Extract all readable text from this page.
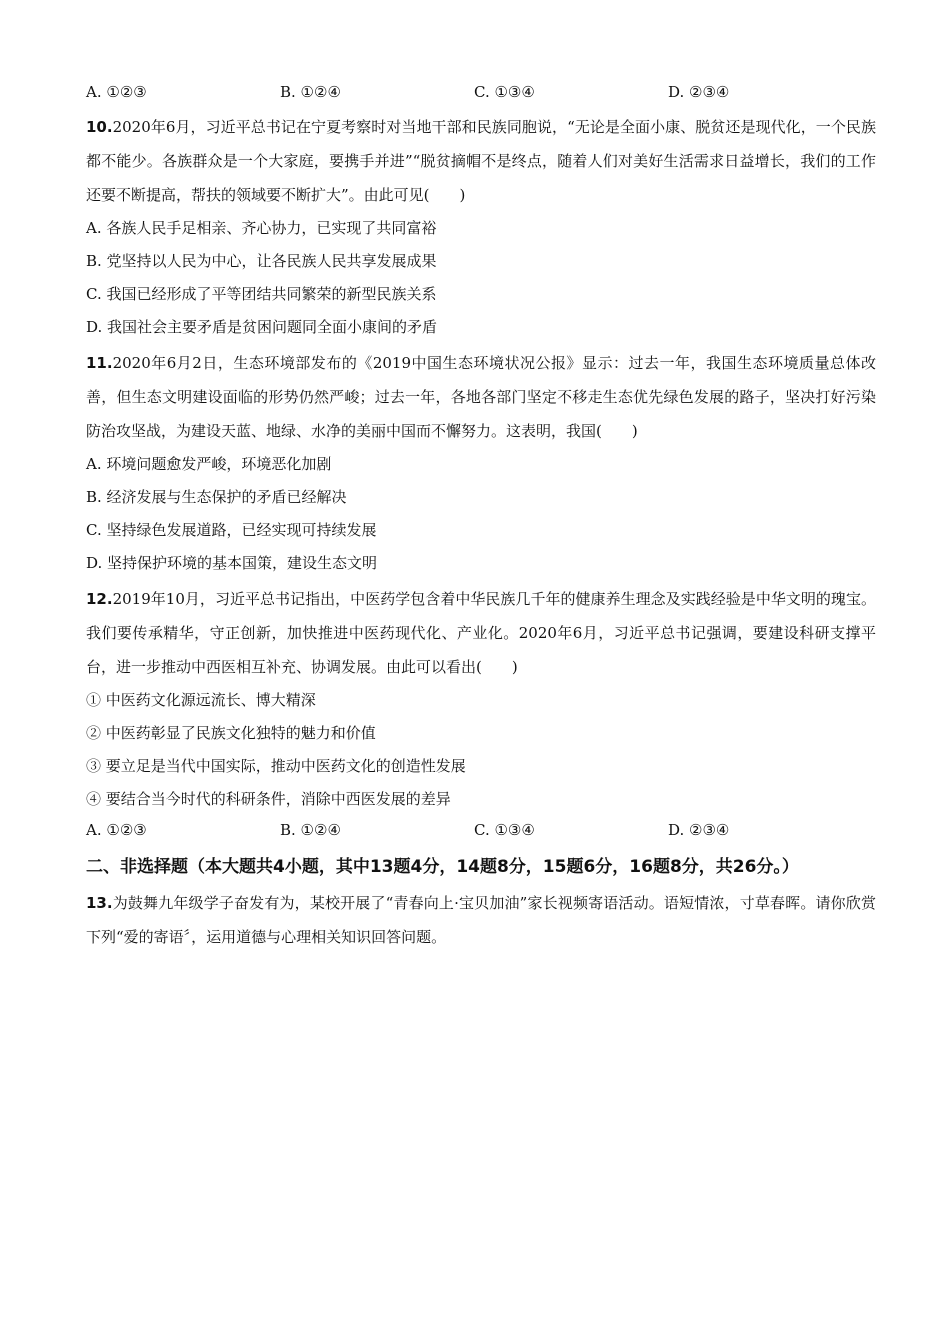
A. ①②③	B. ①②④	C. ①③④	D. ②③④
10.2020年6月，习近平总书记在宁夏考察时对当地干部和民族同胞说，“无论是全面小康、脱贫还是现代化，一个民族都不能少。各族群众是一个大家庭，要携手并进”“脱贫摘帽不是终点，随着人们对美好生活需求日益增长，我们的工作还要不断提高，帮扶的领域要不断扩大”。由此可见(　　)
A. 各族人民手足相亲、齐心协力，已实现了共同富裕
B. 党坚持以人民为中心，让各民族人民共享发展成果
C. 我国已经形成了平等团结共同繁荣的新型民族关系
D. 我国社会主要矛盾是贫困问题同全面小康间的矛盾
11.2020年6月2日，生态环境部发布的《2019中国生态环境状况公报》显示：过去一年，我国生态环境质量总体改善，但生态文明建设面临的形势仍然严峻；过去一年，各地各部门坚定不移走生态优先绿色发展的路子，坚决打好污染防治攻坚战，为建设天蓝、地绿、水净的美丽中国而不懈努力。这表明，我国(　　)
A. 环境问题愈发严峻，环境恶化加剧
B. 经济发展与生态保护的矛盾已经解决
C. 坚持绿色发展道路，已经实现可持续发展
D. 坚持保护环境的基本国策，建设生态文明
12.2019年10月，习近平总书记指出，中医药学包含着中华民族几千年的健康养生理念及实践经验是中华文明的瑰宝。我们要传承精华，守正创新，加快推进中医药现代化、产业化。2020年6月，习近平总书记强调，要建设科研支撑平台，进一步推动中西医相互补充、协调发展。由此可以看出(　　)
① 中医药文化源远流长、博大精深
② 中医药彰显了民族文化独特的魅力和价值
③ 要立足是当代中国实际，推动中医药文化的创造性发展
④ 要结合当今时代的科研条件，消除中西医发展的差异
A. ①②③	B. ①②④	C. ①③④	D. ②③④
二、非选择题（本大题共4小题，其中13题4分，14题8分，15题6分，16题8分，共26分。）
13.为鼓舞九年级学子奋发有为，某校开展了“青春向上·宝贝加油”家长视频寄语活动。语短情浓，寸草春晖。请你欣赏下列“爱的寄语〞，运用道德与心理相关知识回答问题。
